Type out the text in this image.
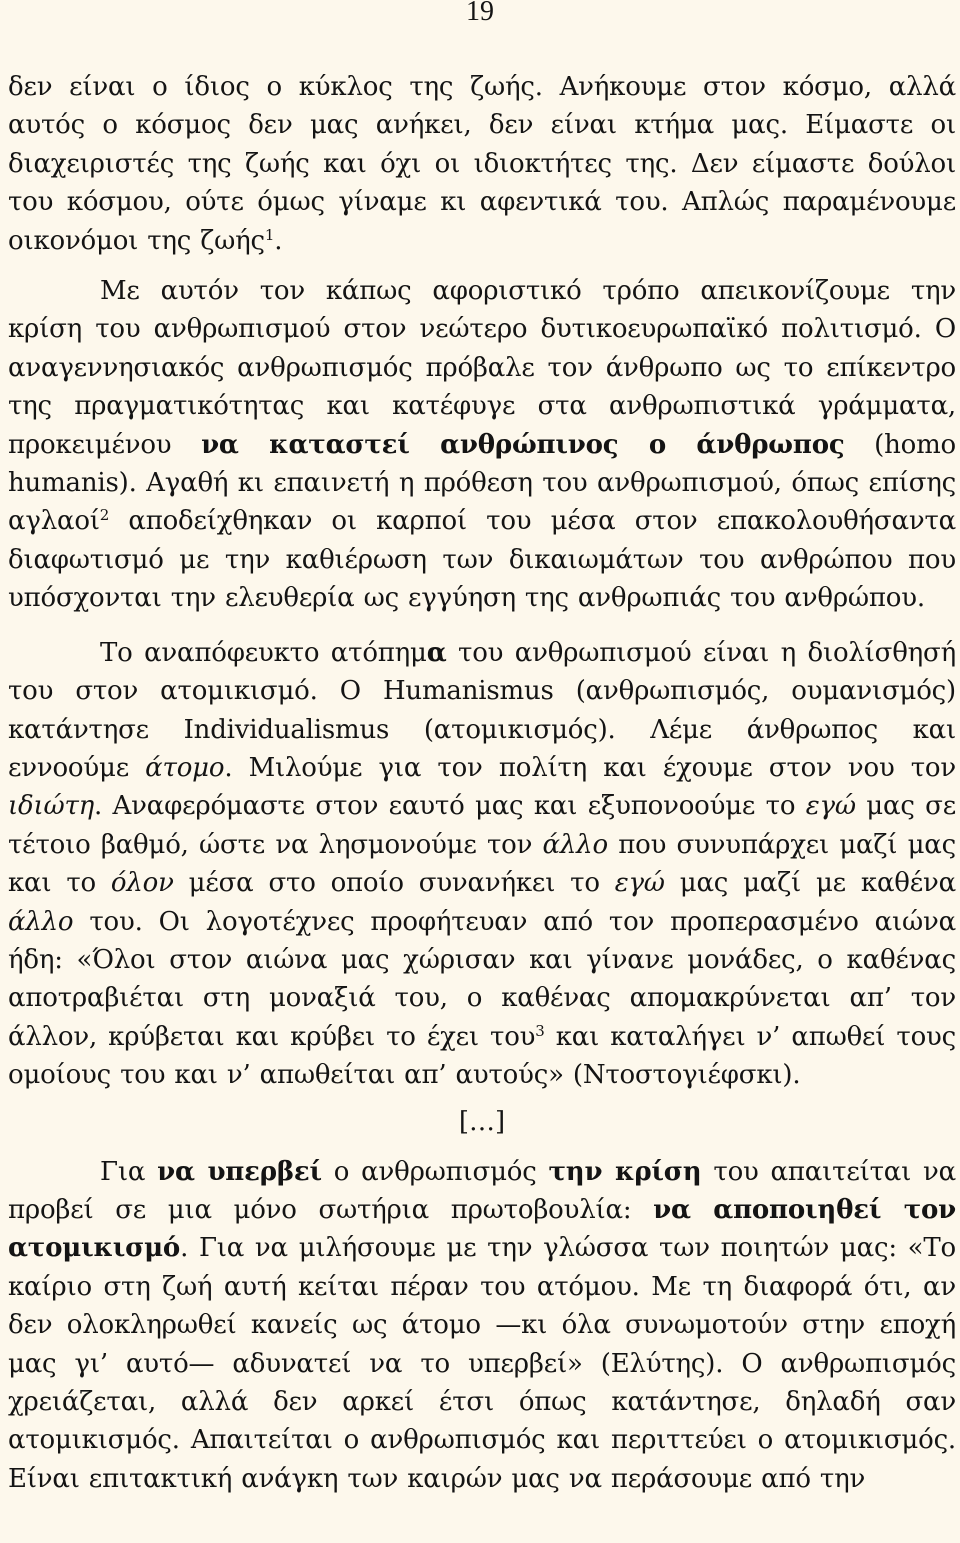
19

δεν είναι ο ίδιος ο κύκλος της ζωής. Ανήκουμε στον κόσμο, αλλά αυτός ο κόσμος δεν μας ανήκει, δεν είναι κτήμα μας. Είμαστε οι διαχειριστές της ζωής και όχι οι ιδιοκτήτες της. Δεν είμαστε δούλοι του κόσμου, ούτε όμως γίναμε κι αφεντικά του. Απλώς παραμένουμε οικονόμοι της ζωής$^1$.

Με αυτόν τον κάπως αφοριστικό τρόπο απεικονίζουμε την κρίση του ανθρωπισμού στον νεώτερο δυτικοευρωπαϊκό πολιτισμό. Ο αναγεννησιακός ανθρωπισμός πρόβαλε τον άνθρωπο ως το επίκεντρο της πραγματικότητας και κατέφυγε στα ανθρωπιστικά γράμματα, προκειμένου να καταστεί ανθρώπινος ο άνθρωπος (homo humanis). Αγαθή κι επαινετή η πρόθεση του ανθρωπισμού, όπως επίσης αγλαοί$^2$ αποδείχθηκαν οι καρποί του μέσα στον επακολουθήσαντα διαφωτισμό με την καθιέρωση των δικαιωμάτων του ανθρώπου που υπόσχονται την ελευθερία ως εγγύηση της ανθρωπιάς του ανθρώπου.

Το αναπόφευκτο ατόπημα του ανθρωπισμού είναι η διολίσθησή του στον ατομικισμό. Ο Humanismus (ανθρωπισμός, ουμανισμός) κατάντησε Individualismus (ατομικισμός). Λέμε άνθρωπος και εννοούμε άτομο. Μιλούμε για τον πολίτη και έχουμε στον νου τον ιδιώτη. Αναφερόμαστε στον εαυτό μας και εξυπονοούμε το εγώ μας σε τέτοιο βαθμό, ώστε να λησμονούμε τον άλλο που συνυπάρχει μαζί μας και το όλον μέσα στο οποίο συνανήκει το εγώ μας μαζί με καθένα άλλο του. Οι λογοτέχνες προφήτευαν από τον προπερασμένο αιώνα ήδη: «Όλοι στον αιώνα μας χώρισαν και γίνανε μονάδες, ο καθένας αποτραβιέται στη μοναξιά του, ο καθένας απομακρύνεται απ’ τον άλλον, κρύβεται και κρύβει το έχει του$^3$ και καταλήγει ν’ απωθεί τους ομοίους του και ν’ απωθείται απ’ αυτούς» (Ντοστογιέφσκι).

[…]

Για να υπερβεί ο ανθρωπισμός την κρίση του απαιτείται να προβεί σε μια μόνο σωτήρια πρωτοβουλία: να αποποιηθεί τον ατομικισμό. Για να μιλήσουμε με την γλώσσα των ποιητών μας: «Το καίριο στη ζωή αυτή κείται πέραν του ατόμου. Με τη διαφορά ότι, αν δεν ολοκληρωθεί κανείς ως άτομο —κι όλα συνωμοτούν στην εποχή μας γι’ αυτό— αδυνατεί να το υπερβεί» (Ελύτης). Ο ανθρωπισμός χρειάζεται, αλλά δεν αρκεί έτσι όπως κατάντησε, δηλαδή σαν ατομικισμός. Απαιτείται ο ανθρωπισμός και περιττεύει ο ατομικισμός. Είναι επιτακτική ανάγκη των καιρών μας να περάσουμε από την
